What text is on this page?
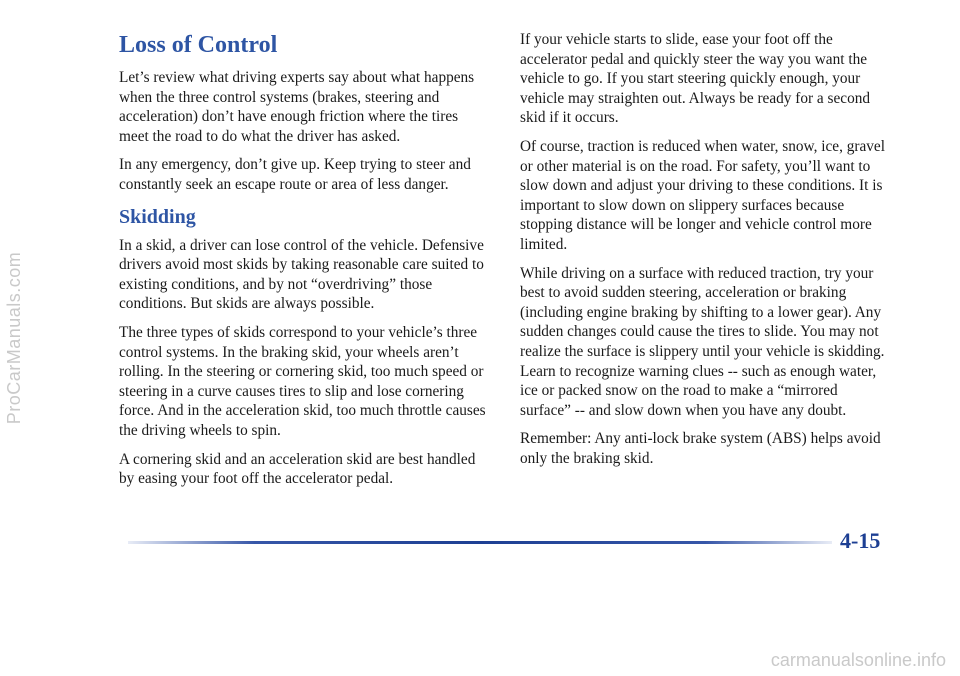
ProCarManuals.com
Loss of Control

Let’s review what driving experts say about what happens when the three control systems (brakes, steering and acceleration) don’t have enough friction where the tires meet the road to do what the driver has asked.

In any emergency, don’t give up. Keep trying to steer and constantly seek an escape route or area of less danger.

Skidding

In a skid, a driver can lose control of the vehicle. Defensive drivers avoid most skids by taking reasonable care suited to existing conditions, and by not “overdriving” those conditions. But skids are always possible.

The three types of skids correspond to your vehicle’s three control systems. In the braking skid, your wheels aren’t rolling. In the steering or cornering skid, too much speed or steering in a curve causes tires to slip and lose cornering force. And in the acceleration skid, too much throttle causes the driving wheels to spin.

A cornering skid and an acceleration skid are best handled by easing your foot off the accelerator pedal.

If your vehicle starts to slide, ease your foot off the accelerator pedal and quickly steer the way you want the vehicle to go. If you start steering quickly enough, your vehicle may straighten out. Always be ready for a second skid if it occurs.

Of course, traction is reduced when water, snow, ice, gravel or other material is on the road. For safety, you’ll want to slow down and adjust your driving to these conditions. It is important to slow down on slippery surfaces because stopping distance will be longer and vehicle control more limited.

While driving on a surface with reduced traction, try your best to avoid sudden steering, acceleration or braking (including engine braking by shifting to a lower gear). Any sudden changes could cause the tires to slide. You may not realize the surface is slippery until your vehicle is skidding. Learn to recognize warning clues -- such as enough water, ice or packed snow on the road to make a “mirrored surface” -- and slow down when you have any doubt.

Remember: Any anti-lock brake system (ABS) helps avoid only the braking skid.

4-15
carmanualsonline.info
